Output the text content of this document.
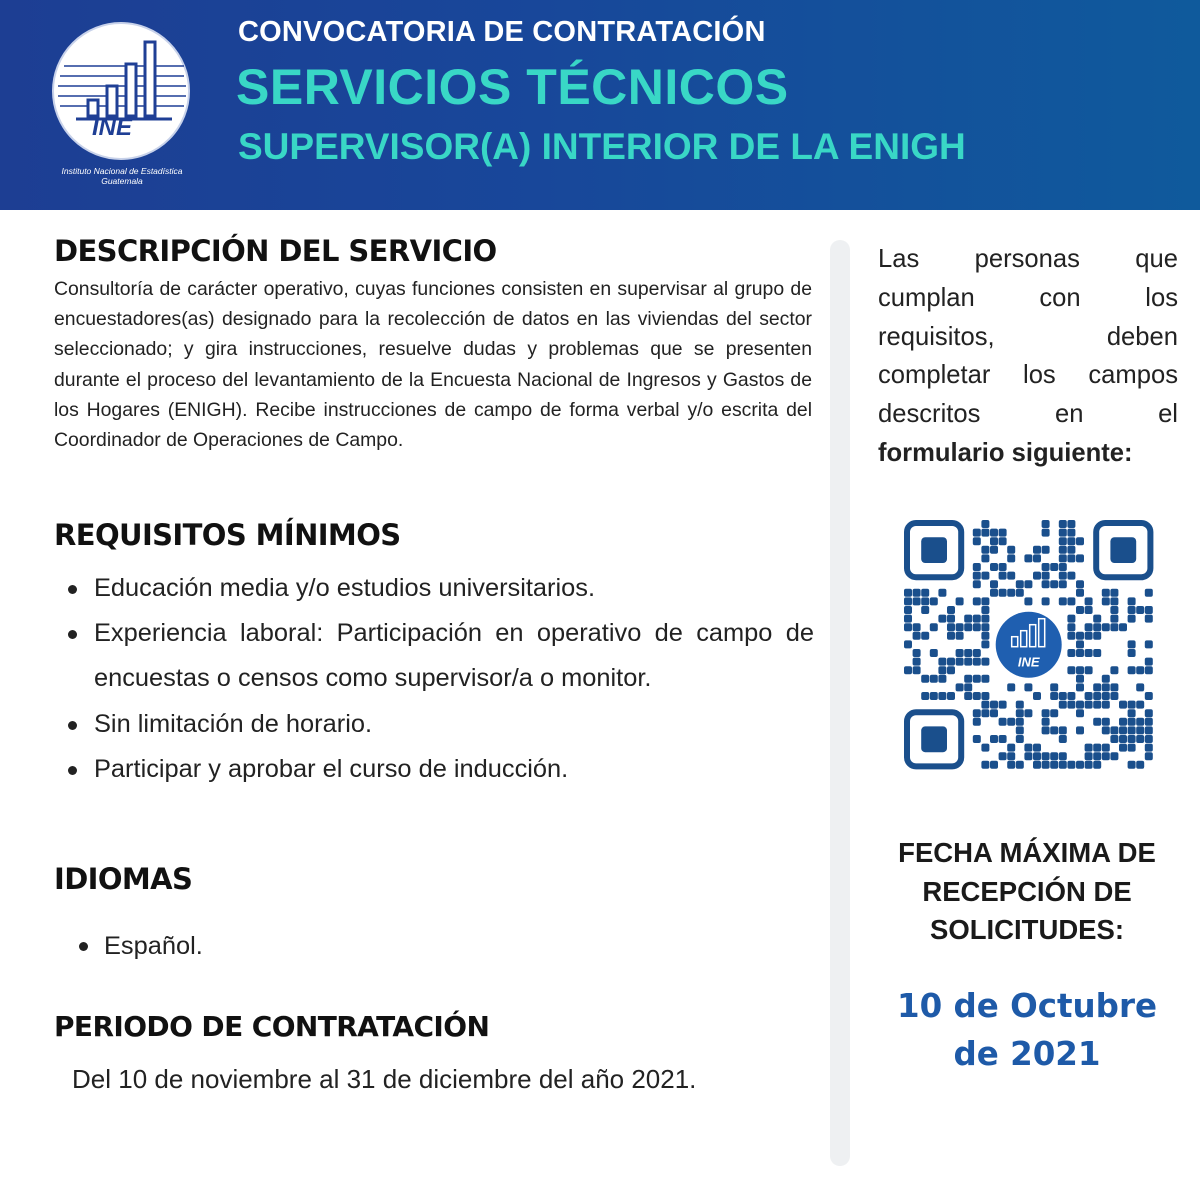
INE
Instituto Nacional de Estadística
Guatemala
CONVOCATORIA DE CONTRATACIÓN
SERVICIOS TÉCNICOS
SUPERVISOR(A) INTERIOR DE LA ENIGH
DESCRIPCIÓN DEL SERVICIO

Consultoría de carácter operativo, cuyas funciones consisten en supervisar al grupo de encuestadores(as) designado para la recolección de datos en las viviendas del sector seleccionado; y gira instrucciones, resuelve dudas y problemas que se presenten durante el proceso del levantamiento de la Encuesta Nacional de Ingresos y Gastos de los Hogares (ENIGH). Recibe instrucciones de campo de forma verbal y/o escrita del Coordinador de Operaciones de Campo.

REQUISITOS MÍNIMOS
Educación media y/o estudios universitarios.
Experiencia laboral: Participación en operativo de campo de encuestas o censos como supervisor/a o monitor.
Sin limitación de horario.
Participar y aprobar el curso de inducción.
IDIOMAS
Español.
PERIODO DE CONTRATACIÓN
Del 10 de noviembre al 31 de diciembre del año 2021.
Las personas que cumplan con los requisitos, deben completar los campos descritos en el
formulario siguiente:
INE
FECHA MÁXIMA DE
RECEPCIÓN DE
SOLICITUDES:
10 de Octubre
de 2021
